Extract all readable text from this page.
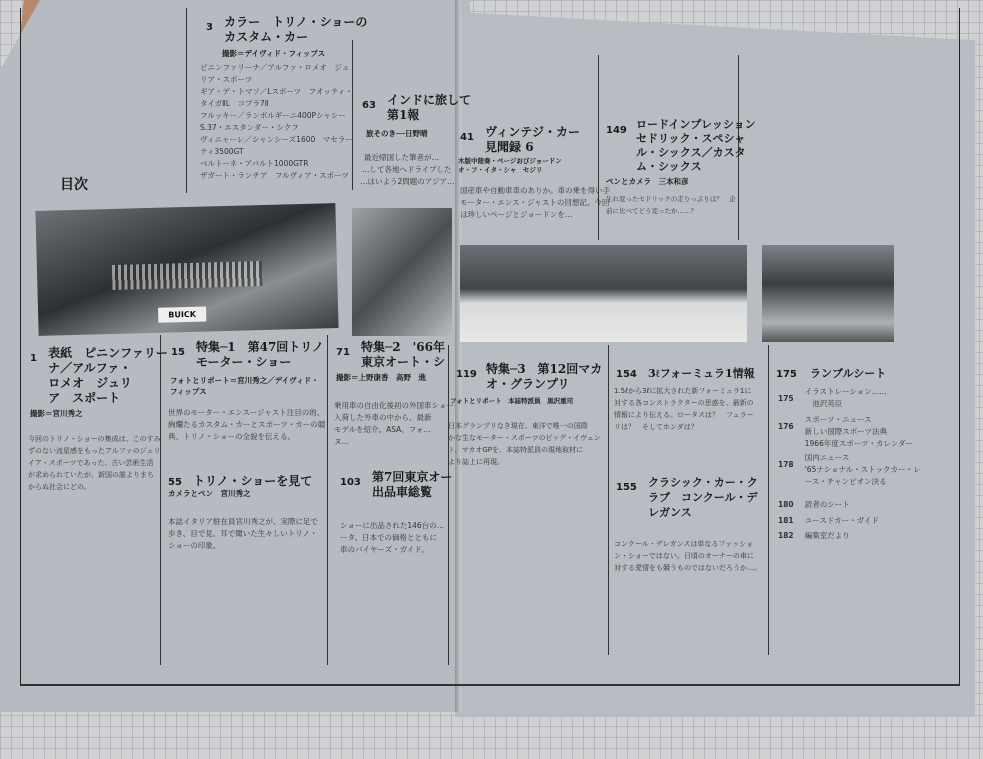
目次
3 カラー　トリノ・ショーの
カスタム・カー
撮影＝デイヴィド・フィップス
ピニンファリーナ／アルファ・ロメオ　ジュ
リア・スポーツ
ギア・デ・トマソ／Lスポーツ　フオッティ・
タイガⅡL　コブラ7Ⅱ
フルッキー／ランボルギーニ400Pシャシー
S.37・エスタンダー・シクフ
ヴィニャーレ／シャンシーズ1600　マセラー
ティ3500GT
ベルトーネ・アバルト1000GTR
ザガート・ランチア　フルヴィア・スポーツ
63 インドに旅して
第1報
旅そのき──日野晴	41 ヴィンテジ・カー
見聞録 6
木版中陸奏・ページおびジョードン
オ・フ・イタ・シャ　セジリ
最近帰国した筆者が…
…して各地へドライブした
…はいよう2問題のアジア…
国産車や自動車車のありか。車の乗を得い手
モーター・エンス・ジャストの回想記。今回
は珍しいページとジョードンを…
149 ロードインプレッション
セドリック・スペシャ
ル・シックス／カスタ
ム・シックス
ペンとカメラ　三本和彦
生れ変ったセドリックの走りっぷりは？　企
前に比べてどう変ったか……？
BUICK
1 表紙　ピニンファリー
ナ／アルファ・
ロメオ　ジュリ
ア　スポート
撮影＝宮川秀之
今回のトリノ・ショーの集成は、このすみ
ずのない流星感をもったアルファのジュリ
イア・スポーツであった。古い芸術生活
が求められていたが、新国の誰よりまち
からぬ社会にどの。
15 特集─1　第47回トリノ
モーター・ショー
フォトとリポート＝宮川秀之／デイヴィド・
フィップス
世界のモーター・エンスージャスト注目の的、
絢爛たるカスタム・カーとスポーツ・カーの競
典、トリノ・ショーの全貌を伝える。
55 トリノ・ショーを見て
カメラとペン　宮川秀之
本誌イタリア駐在員宮川秀之が、実際に足で
歩き、目で見、耳で聞いた生々しいトリノ・
ショーの印象。
71 特集─2　'66年
東京オート・シ
撮影＝上野康香　高野　進
乗用車の自由化後初の外国車ショー
入荷した外車の中から、最新
モデルを紹介。ASA、フォ…
ヌ…
103 第7回東京オー
出品車総覧
ショーに出品された146台の…
ータ、日本での価格とともに
車のバイヤーズ・ガイド。
119 特集─3　第12回マカ
オ・グランプリ
フォトとリポート　本誌特派員　黒沢重司
日本グランプリなき現在、東洋で唯一の国際
かな生なモーター・スポーツのビッグ・イヴェン
ト、マカオGPを、本誌特派員の現地取材に
より誌上に再現。
154 3ℓフォーミュラ1情報
1.5ℓから3ℓに拡大された新フォーミュラ1に
対する各コンストラクターの思惑を、最新の
情報により伝える。ロータスは？　フェラー
リは？　そしてホンダは？
155 クラシック・カー・ク
ラブ　コンクール・デ
レガンス
コンクール・デレガンスは単なるファッショ
ン・ショーではない。日頃のオーナーの車に
対する愛情をも競うものではないだろうか…。
175 ランブルシート
175 イラストレーション……
　池沢英臣
176 スポーツ・ニュース
新しい国際スポーツ法典
1966年度スポーツ・カレンダー
178 国内ニュース
'65ナショナル・ストックカー・レ
ース・チャンピオン決る
180 読者のシート
181 ユースドカー・ガイド
182 編集室だより
